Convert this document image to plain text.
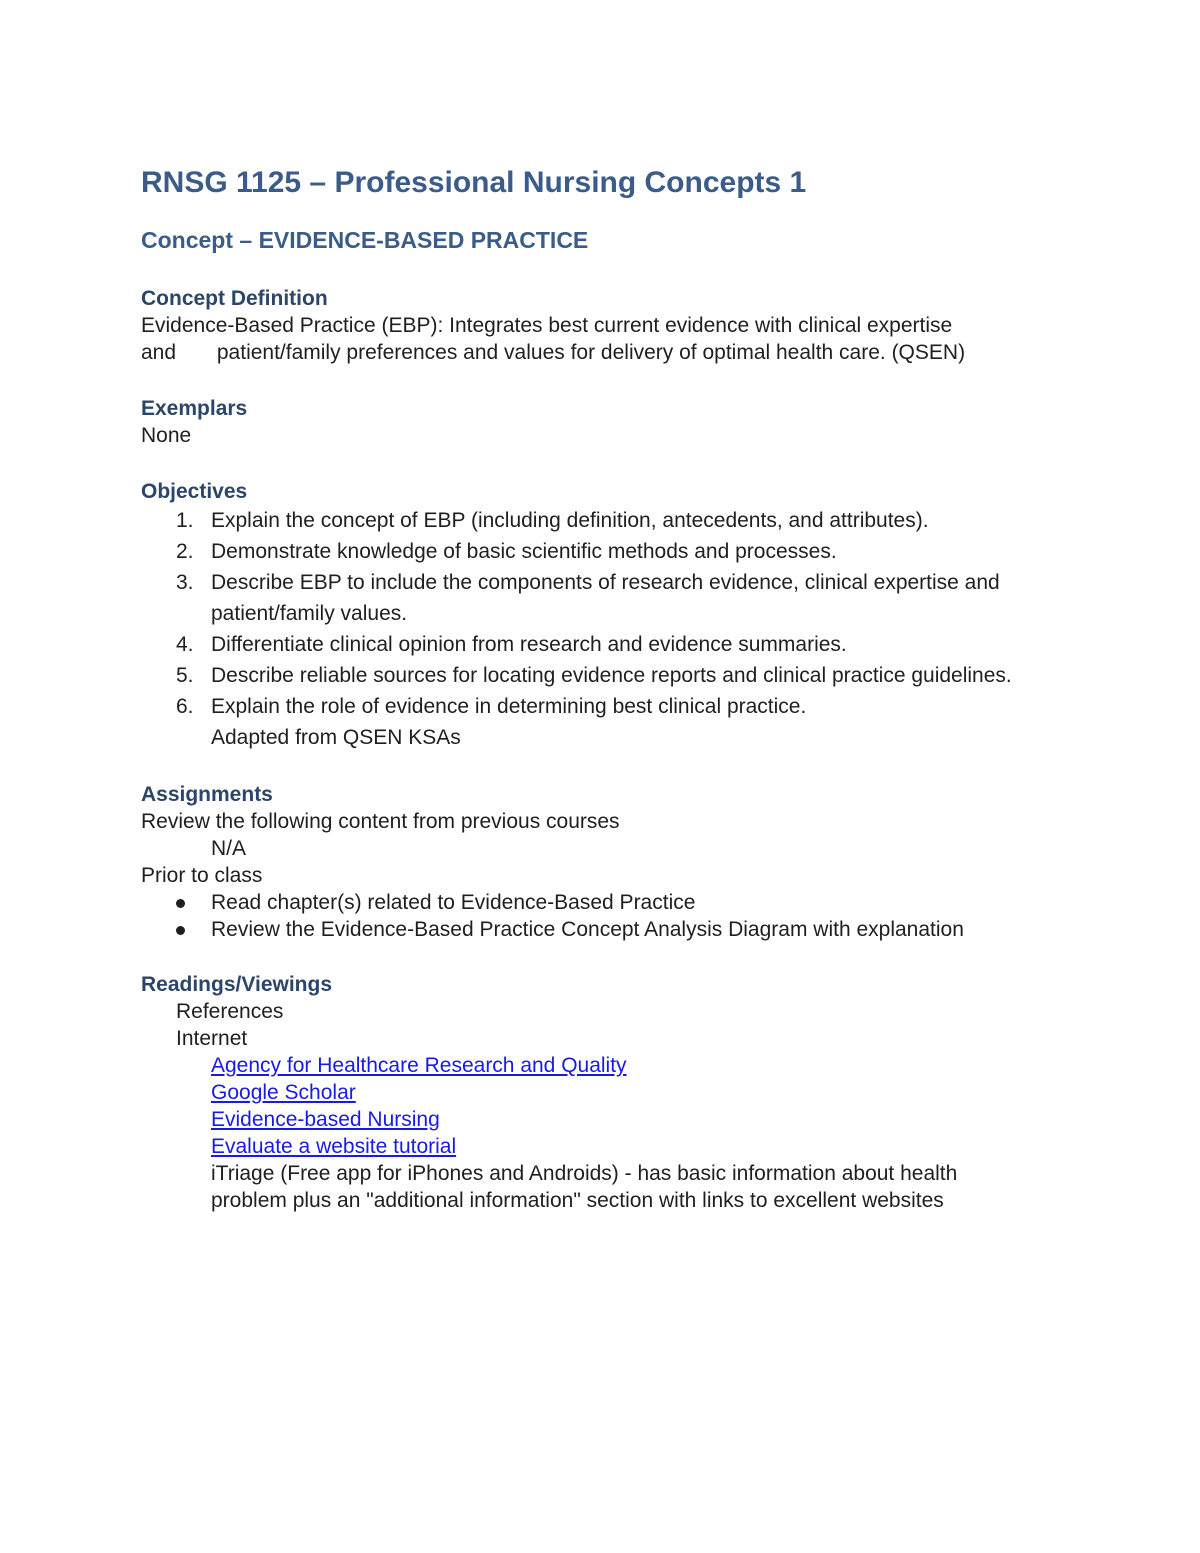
RNSG 1125 – Professional Nursing Concepts 1
Concept – EVIDENCE-BASED PRACTICE
Concept Definition
Evidence-Based Practice (EBP): Integrates best current evidence with clinical expertise
and       patient/family preferences and values for delivery of optimal health care. (QSEN)
Exemplars
None
Objectives
1. Explain the concept of EBP (including definition, antecedents, and attributes).
2. Demonstrate knowledge of basic scientific methods and processes.
3. Describe EBP to include the components of research evidence, clinical expertise and patient/family values.
4. Differentiate clinical opinion from research and evidence summaries.
5. Describe reliable sources for locating evidence reports and clinical practice guidelines.
6. Explain the role of evidence in determining best clinical practice.
Adapted from QSEN KSAs
Assignments
Review the following content from previous courses
N/A
Prior to class
Read chapter(s) related to Evidence-Based Practice
Review the Evidence-Based Practice Concept Analysis Diagram with explanation
Readings/Viewings
References
Internet
Agency for Healthcare Research and Quality
Google Scholar
Evidence-based Nursing
Evaluate a website tutorial
iTriage (Free app for iPhones and Androids) - has basic information about health
problem plus an "additional information" section with links to excellent websites
